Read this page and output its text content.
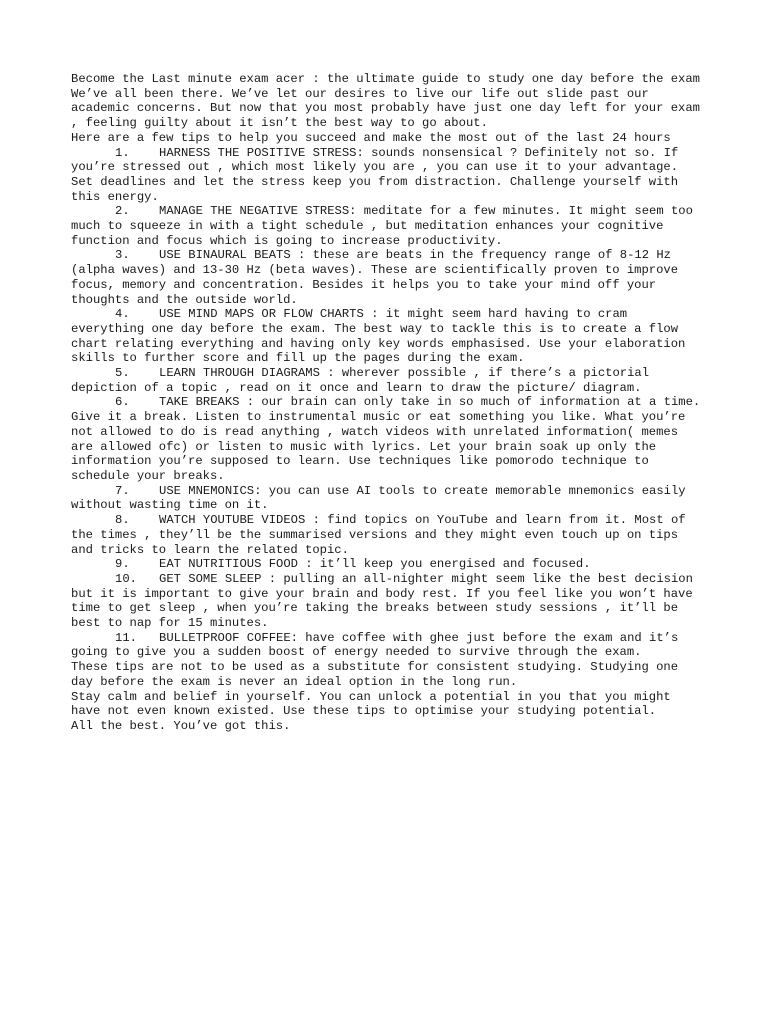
Become the Last minute exam acer : the ultimate guide to study one day before the exam

We’ve all been there. We’ve let our desires to live our life out slide past our academic concerns. But now that you most probably have just one day left for your exam , feeling guilty about it isn’t the best way to go about.

Here are a few tips to help you succeed and make the most out of the last 24 hours

1. HARNESS THE POSITIVE STRESS: sounds nonsensical ? Definitely not so. If you’re stressed out , which most likely you are , you can use it to your advantage. Set deadlines and let the stress keep you from distraction. Challenge yourself with this energy.

2. MANAGE THE NEGATIVE STRESS: meditate for a few minutes. It might seem too much to squeeze in with a tight schedule , but meditation enhances your cognitive function and focus which is going to increase productivity.

3. USE BINAURAL BEATS : these are beats in the frequency range of 8-12 Hz (alpha waves) and 13-30 Hz (beta waves). These are scientifically proven to improve focus, memory and concentration. Besides it helps you to take your mind off your thoughts and the outside world.

4. USE MIND MAPS OR FLOW CHARTS : it might seem hard having to cram everything one day before the exam. The best way to tackle this is to create a flow chart relating everything and having only key words emphasised. Use your elaboration skills to further score and fill up the pages during the exam.

5. LEARN THROUGH DIAGRAMS : wherever possible , if there’s a pictorial depiction of a topic , read on it once and learn to draw the picture/ diagram.

6. TAKE BREAKS : our brain can only take in so much of information at a time. Give it a break. Listen to instrumental music or eat something you like. What you’re not allowed to do is read anything , watch videos with unrelated information( memes are allowed ofc) or listen to music with lyrics. Let your brain soak up only the information you’re supposed to learn. Use techniques like pomorodo technique to schedule your breaks.

7. USE MNEMONICS: you can use AI tools to create memorable mnemonics easily without wasting time on it.

8. WATCH YOUTUBE VIDEOS : find topics on YouTube and learn from it. Most of the times , they’ll be the summarised versions and they might even touch up on tips and tricks to learn the related topic.

9. EAT NUTRITIOUS FOOD : it’ll keep you energised and focused.

10. GET SOME SLEEP : pulling an all-nighter might seem like the best decision but it is important to give your brain and body rest. If you feel like you won’t have time to get sleep , when you’re taking the breaks between study sessions , it’ll be best to nap for 15 minutes.

11. BULLETPROOF COFFEE: have coffee with ghee just before the exam and it’s going to give you a sudden boost of energy needed to survive through the exam.

These tips are not to be used as a substitute for consistent studying. Studying one day before the exam is never an ideal option in the long run.

Stay calm and belief in yourself. You can unlock a potential in you that you might have not even known existed. Use these tips to optimise your studying potential.

All the best. You’ve got this.
